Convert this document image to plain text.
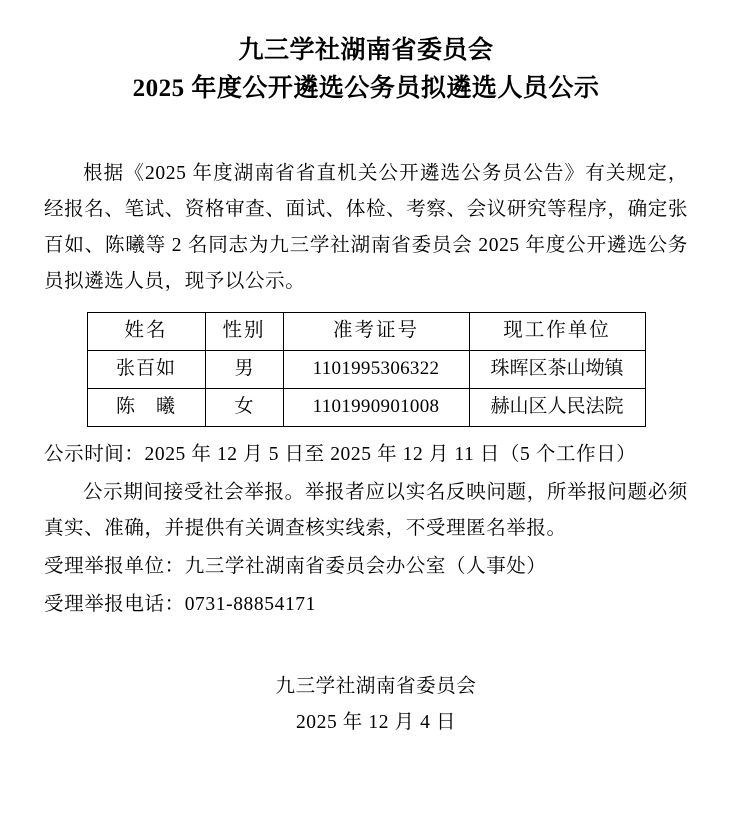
九三学社湖南省委员会
2025 年度公开遴选公务员拟遴选人员公示

根据《2025 年度湖南省省直机关公开遴选公务员公告》有关规定，经报名、笔试、资格审查、面试、体检、考察、会议研究等程序，确定张百如、陈曦等 2 名同志为九三学社湖南省委员会 2025 年度公开遴选公务员拟遴选人员，现予以公示。

姓名	性别	准考证号	现工作单位
张百如	男	1101995306322	珠晖区茶山坳镇
陈　曦	女	1101990901008	赫山区人民法院

公示时间：2025 年 12 月 5 日至 2025 年 12 月 11 日（5 个工作日）

公示期间接受社会举报。举报者应以实名反映问题，所举报问题必须真实、准确，并提供有关调查核实线索，不受理匿名举报。

受理举报单位：九三学社湖南省委员会办公室（人事处）

受理举报电话：0731-88854171

九三学社湖南省委员会
2025 年 12 月 4 日
